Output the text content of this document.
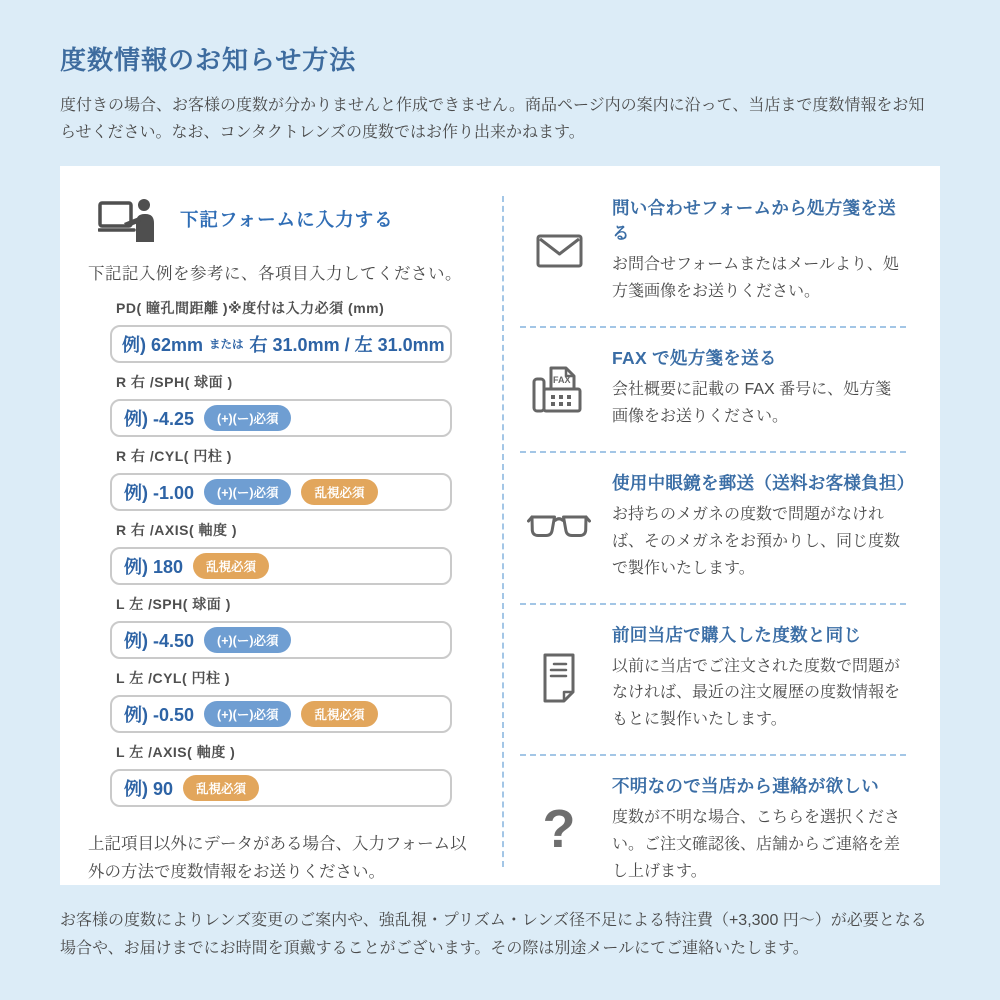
度数情報のお知らせ方法

度付きの場合、お客様の度数が分かりませんと作成できません。商品ページ内の案内に沿って、当店まで度数情報をお知らせください。なお、コンタクトレンズの度数ではお作り出来かねます。

下記フォームに入力する

下記記入例を参考に、各項目入力してください。

PD( 瞳孔間距離 )※度付は入力必須 (mm)
例) 62mm または 右 31.0mm / 左 31.0mm
R 右 /SPH( 球面 )
例) -4.25	(+)(ー)必須
R 右 /CYL( 円柱 )
例) -1.00	(+)(ー)必須	乱視必須
R 右 /AXIS( 軸度 )
例) 180	乱視必須
L 左 /SPH( 球面 )
例) -4.50	(+)(ー)必須
L 左 /CYL( 円柱 )
例) -0.50	(+)(ー)必須	乱視必須
L 左 /AXIS( 軸度 )
例) 90	乱視必須

上記項目以外にデータがある場合、入力フォーム以外の方法で度数情報をお送りください。

問い合わせフォームから処方箋を送る
お問合せフォームまたはメールより、処方箋画像をお送りください。
FAX
FAX で処方箋を送る
会社概要に記載の FAX 番号に、処方箋画像をお送りください。
使用中眼鏡を郵送（送料お客様負担）
お持ちのメガネの度数で問題がなければ、そのメガネをお預かりし、同じ度数で製作いたします。
前回当店で購入した度数と同じ
以前に当店でご注文された度数で問題がなければ、最近の注文履歴の度数情報をもとに製作いたします。
?
不明なので当店から連絡が欲しい
度数が不明な場合、こちらを選択ください。ご注文確認後、店舗からご連絡を差し上げます。

お客様の度数によりレンズ変更のご案内や、強乱視・プリズム・レンズ径不足による特注費（+3,300 円〜）が必要となる場合や、お届けまでにお時間を頂戴することがございます。その際は別途メールにてご連絡いたします。
